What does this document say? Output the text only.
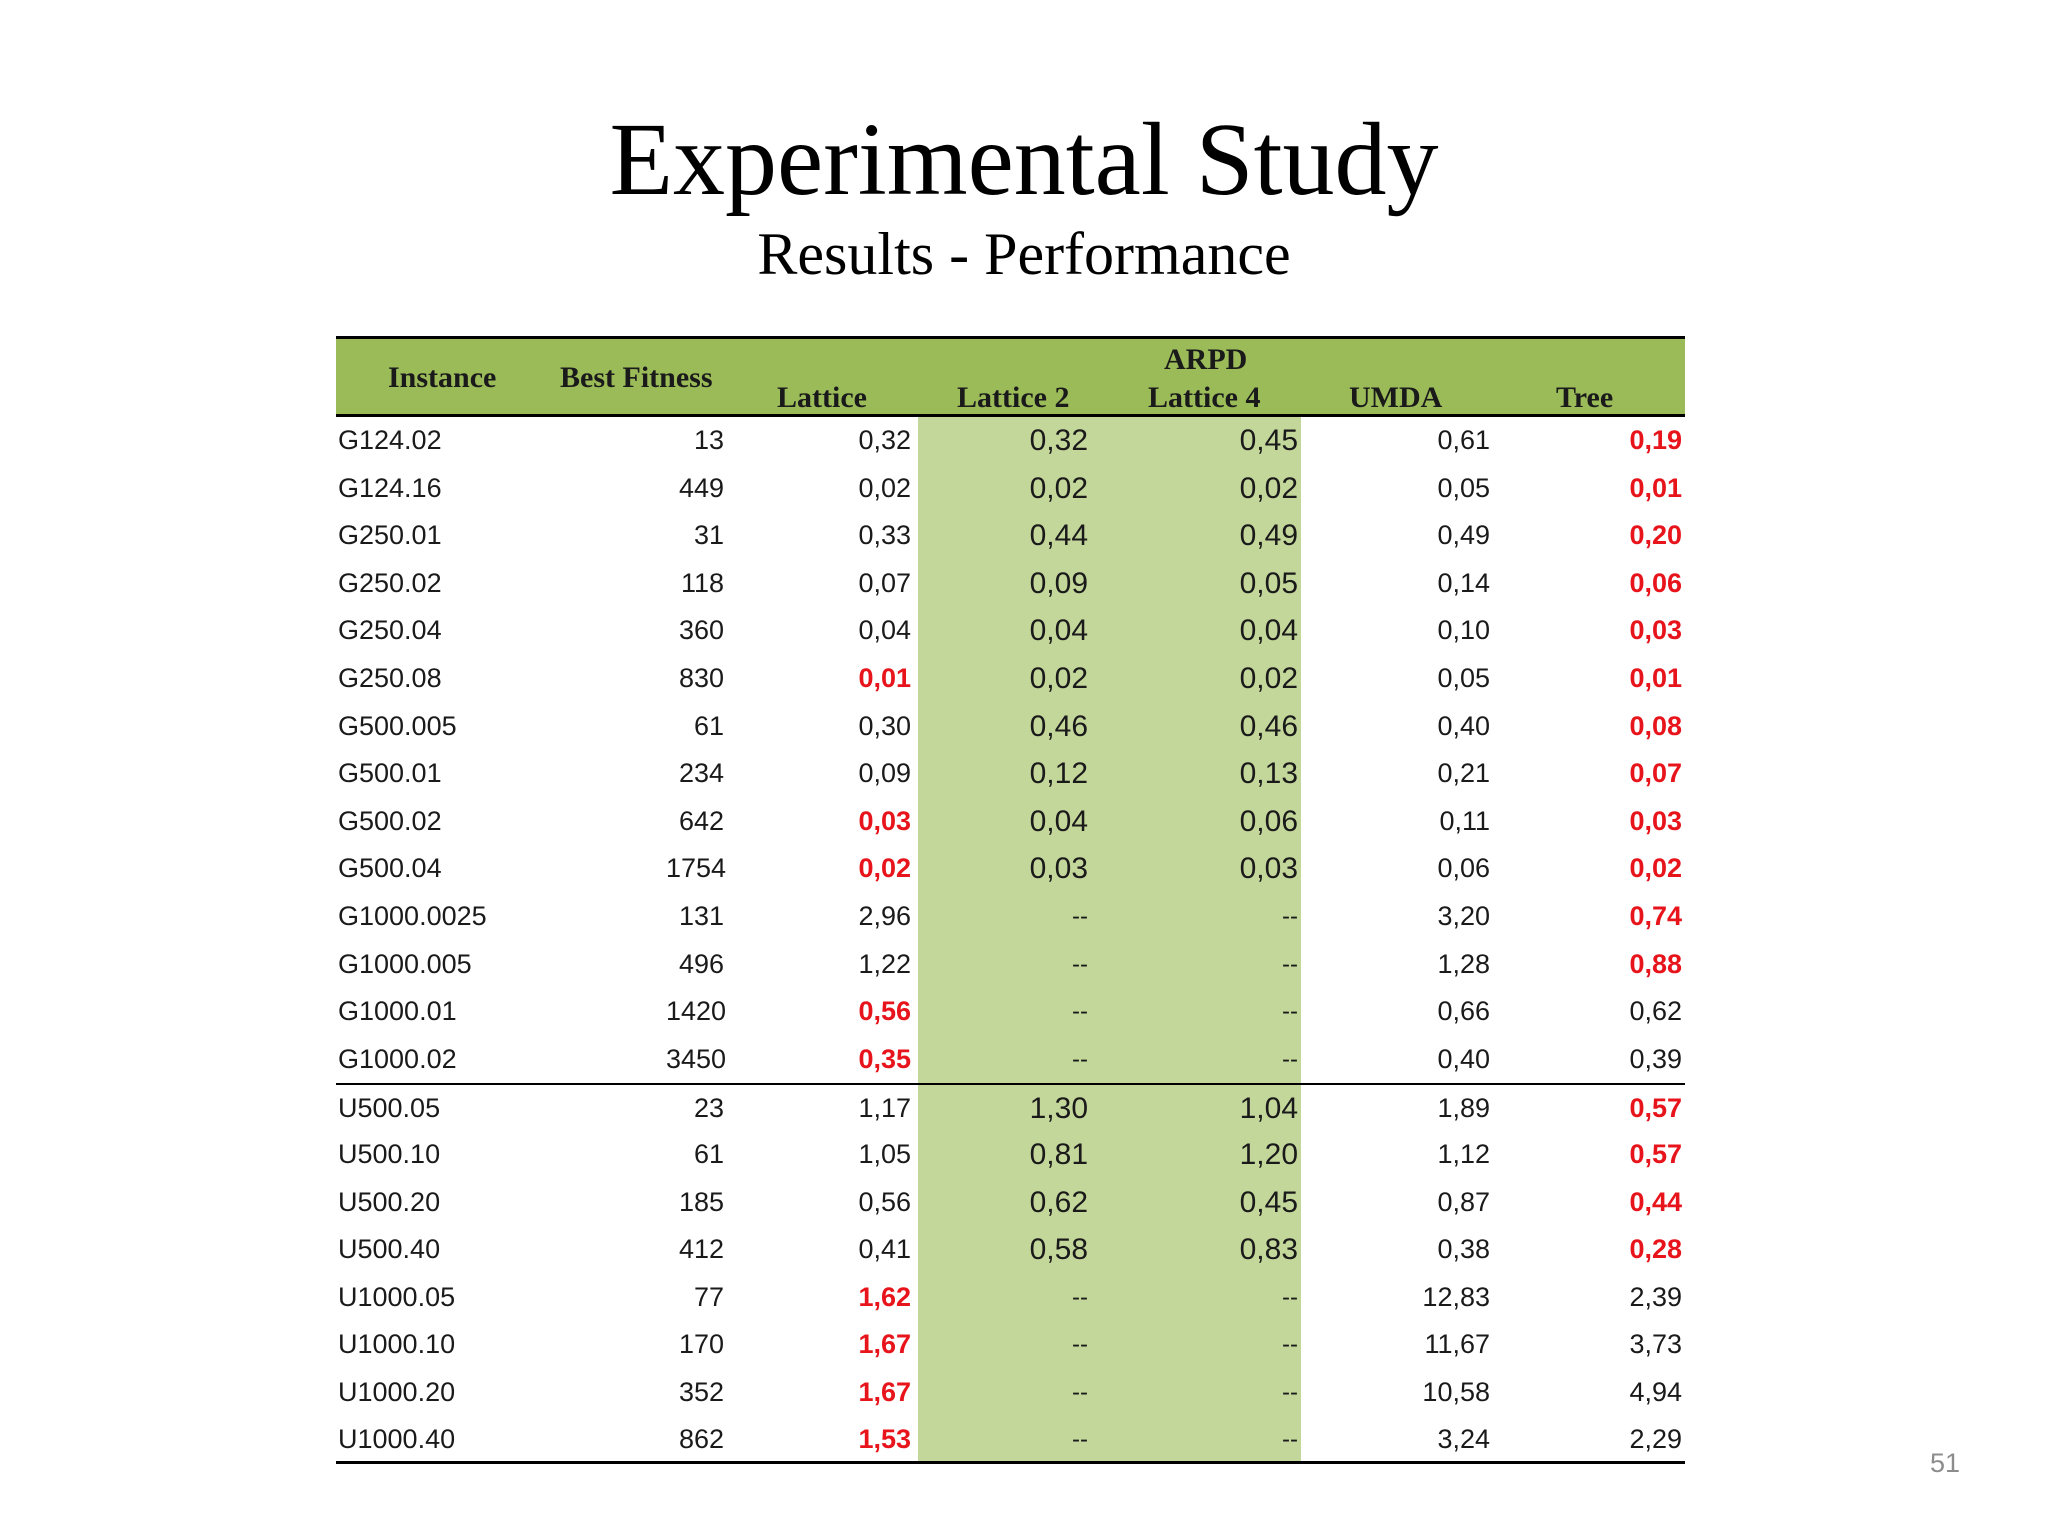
Experimental Study
Results - Performance
Instance Best Fitness
ARPD
Lattice	Lattice 2	Lattice 4	UMDA	Tree
G124.02	13	0,32	0,32	0,45	0,61	0,19
G124.16	449	0,02	0,02	0,02	0,05	0,01
G250.01	31	0,33	0,44	0,49	0,49	0,20
G250.02	118	0,07	0,09	0,05	0,14	0,06
G250.04	360	0,04	0,04	0,04	0,10	0,03
G250.08	830	0,01	0,02	0,02	0,05	0,01
G500.005	61	0,30	0,46	0,46	0,40	0,08
G500.01	234	0,09	0,12	0,13	0,21	0,07
G500.02	642	0,03	0,04	0,06	0,11	0,03
G500.04	1754	0,02	0,03	0,03	0,06	0,02
G1000.0025	131	2,96	--	--	3,20	0,74
G1000.005	496	1,22	--	--	1,28	0,88
G1000.01	1420	0,56	--	--	0,66	0,62
G1000.02	3450	0,35	--	--	0,40	0,39
U500.05	23	1,17	1,30	1,04	1,89	0,57
U500.10	61	1,05	0,81	1,20	1,12	0,57
U500.20	185	0,56	0,62	0,45	0,87	0,44
U500.40	412	0,41	0,58	0,83	0,38	0,28
U1000.05	77	1,62	--	--	12,83	2,39
U1000.10	170	1,67	--	--	11,67	3,73
U1000.20	352	1,67	--	--	10,58	4,94
U1000.40	862	1,53	--	--	3,24	2,29
51
